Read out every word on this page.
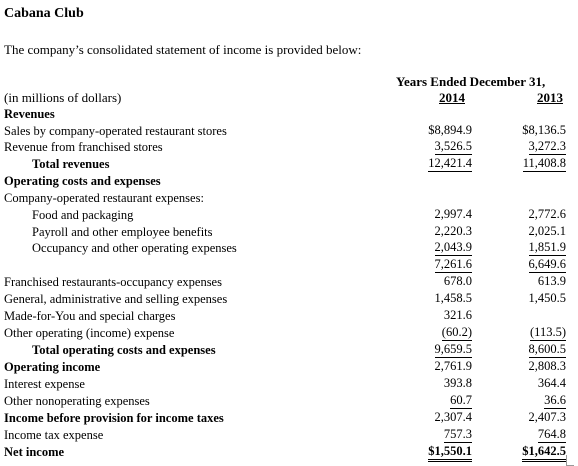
Cabana Club
The company’s consolidated statement of income is provided below:
Years Ended December 31,
(in millions of dollars)	2014	2013
Revenues
Sales by company-operated restaurant stores	$8,894.9	$8,136.5
Revenue from franchised stores	3,526.5	3,272.3
Total revenues	12,421.4	11,408.8
Operating costs and expenses
Company-operated restaurant expenses:
Food and packaging	2,997.4	2,772.6
Payroll and other employee benefits	2,220.3	2,025.1
Occupancy and other operating expenses	2,043.9	1,851.9
7,261.6	6,649.6
Franchised restaurants-occupancy expenses	678.0	613.9
General, administrative and selling expenses	1,458.5	1,450.5
Made-for-You and special charges	321.6
Other operating (income) expense	(60.2)	(113.5)
Total operating costs and expenses	9,659.5	8,600.5
Operating income	2,761.9	2,808.3
Interest expense	393.8	364.4
Other nonoperating expenses	60.7	36.6
Income before provision for income taxes	2,307.4	2,407.3
Income tax expense	757.3	764.8
Net income	$1,550.1	$1,642.5
